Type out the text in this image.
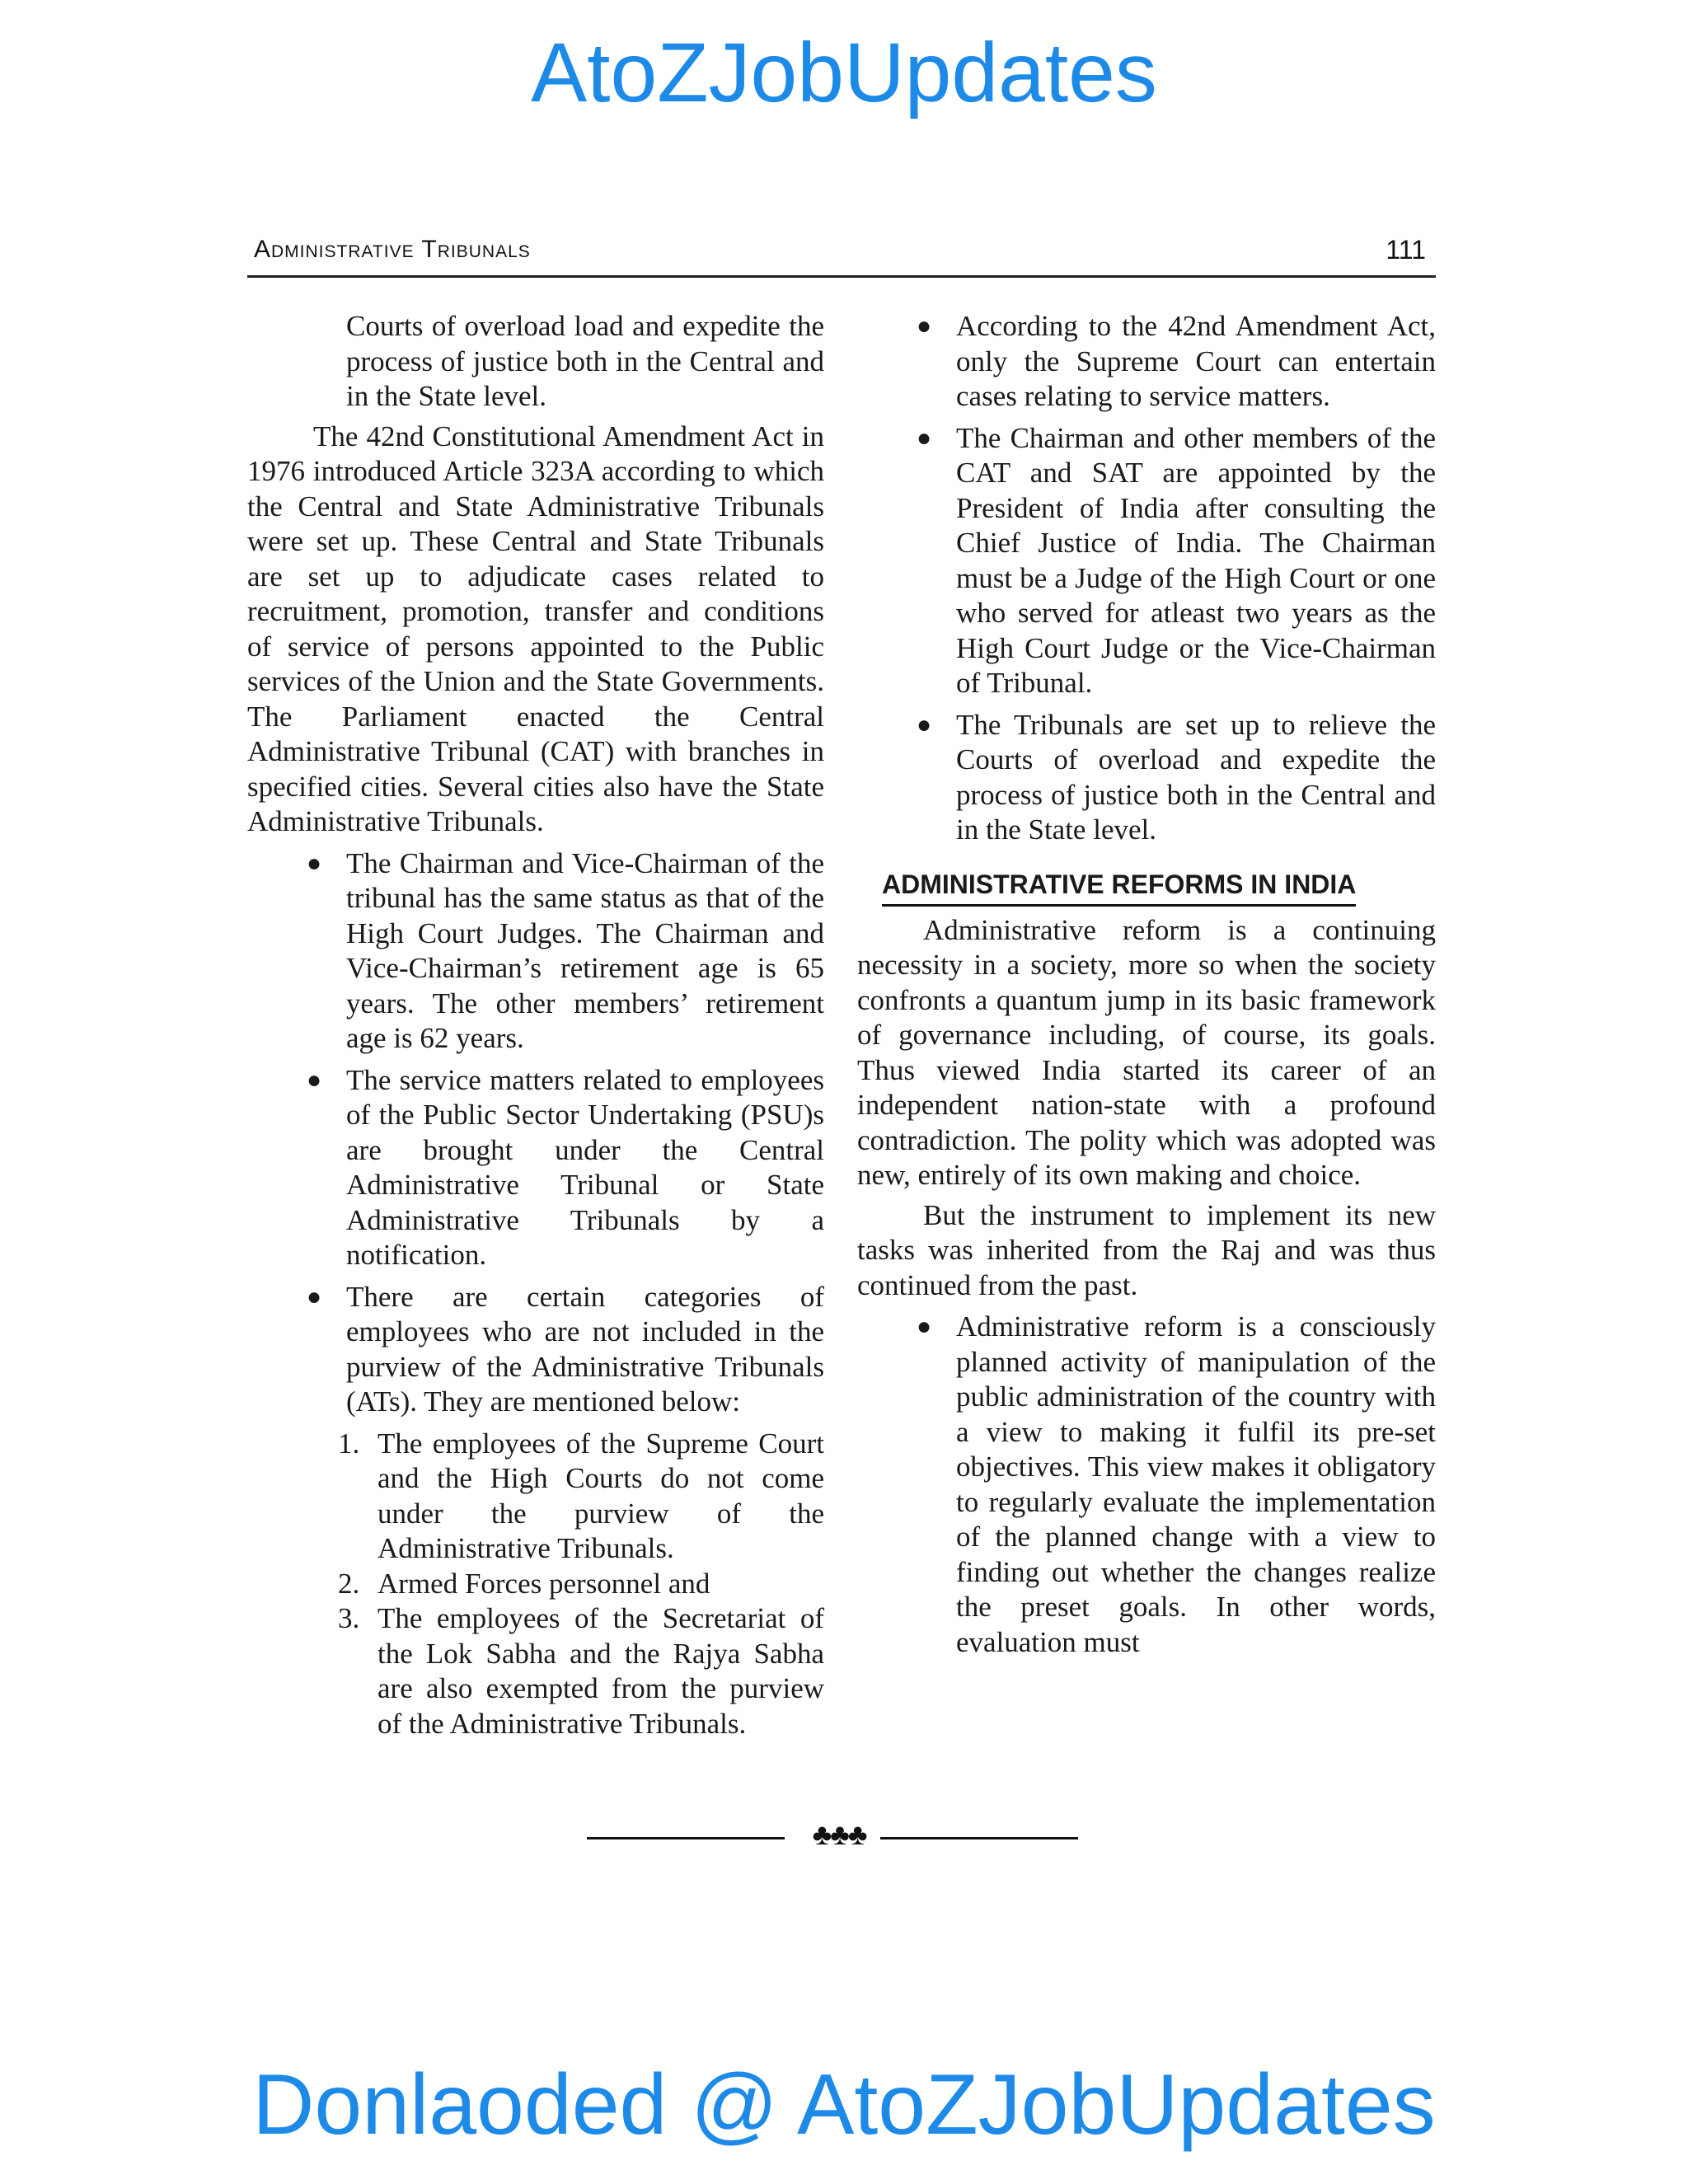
AtoZJobUpdates
Administrative Tribunals	111

Courts of overload load and expedite the process of justice both in the Central and in the State level.

The 42nd Constitutional Amendment Act in 1976 introduced Article 323A according to which the Central and State Administrative Tribunals were set up. These Central and State Tribunals are set up to adjudicate cases related to recruitment, promotion, transfer and conditions of service of persons appointed to the Public services of the Union and the State Governments. The Parliament enacted the Central Administrative Tribunal (CAT) with branches in specified cities. Several cities also have the State Administrative Tribunals.

● The Chairman and Vice-Chairman of the tribunal has the same status as that of the High Court Judges. The Chairman and Vice-Chairman’s retirement age is 65 years. The other members’ retirement age is 62 years.
● The service matters related to employees of the Public Sector Undertaking (PSU)s are brought under the Central Administrative Tribunal or State Administrative Tribunals by a notification.
● There are certain categories of employees who are not included in the purview of the Administrative Tribunals (ATs). They are mentioned below:
1. The employees of the Supreme Court and the High Courts do not come under the purview of the Administrative Tribunals.
2. Armed Forces personnel and
3. The employees of the Secretariat of the Lok Sabha and the Rajya Sabha are also exempted from the purview of the Administrative Tribunals.
● According to the 42nd Amendment Act, only the Supreme Court can entertain cases relating to service matters.
● The Chairman and other members of the CAT and SAT are appointed by the President of India after consulting the Chief Justice of India. The Chairman must be a Judge of the High Court or one who served for atleast two years as the High Court Judge or the Vice-Chairman of Tribunal.
● The Tribunals are set up to relieve the Courts of overload and expedite the process of justice both in the Central and in the State level.

ADMINISTRATIVE REFORMS IN INDIA

Administrative reform is a continuing necessity in a society, more so when the society confronts a quantum jump in its basic framework of governance including, of course, its goals. Thus viewed India started its career of an independent nation-state with a profound contradiction. The polity which was adopted was new, entirely of its own making and choice.

But the instrument to implement its new tasks was inherited from the Raj and was thus continued from the past.

● Administrative reform is a consciously planned activity of manipulation of the public administration of the country with a view to making it fulfil its pre-set objectives. This view makes it obligatory to regularly evaluate the implementation of the planned change with a view to finding out whether the changes realize the preset goals. In other words, evaluation must
♣♣♣
Donlaoded @ AtoZJobUpdates
